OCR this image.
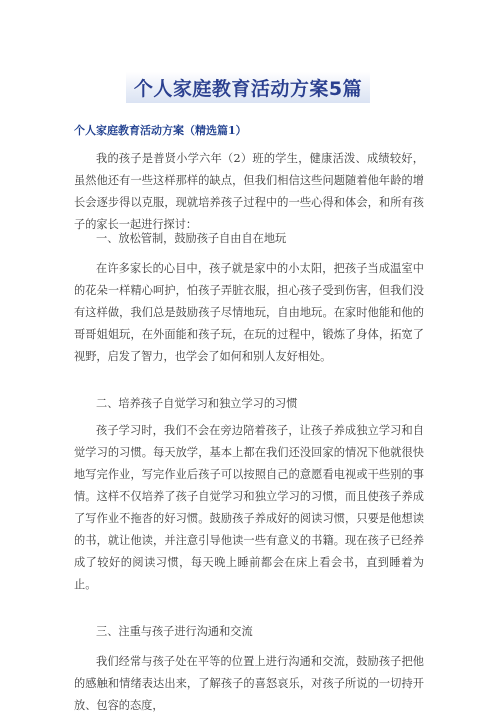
个人家庭教育活动方案5篇
个人家庭教育活动方案（精选篇1）

我的孩子是普贤小学六年（2）班的学生，健康活泼、成绩较好，虽然他还有一些这样那样的缺点，但我们相信这些问题随着他年龄的增长会逐步得以克服，现就培养孩子过程中的一些心得和体会，和所有孩子的家长一起进行探讨：

一、放松管制，鼓励孩子自由自在地玩

在许多家长的心目中，孩子就是家中的小太阳，把孩子当成温室中的花朵一样精心呵护，怕孩子弄脏衣服，担心孩子受到伤害，但我们没有这样做，我们总是鼓励孩子尽情地玩，自由地玩。在家时他能和他的哥哥姐姐玩，在外面能和孩子玩，在玩的过程中，锻炼了身体，拓宽了视野，启发了智力，也学会了如何和别人友好相处。

二、培养孩子自觉学习和独立学习的习惯

孩子学习时，我们不会在旁边陪着孩子，让孩子养成独立学习和自觉学习的习惯。每天放学，基本上都在我们还没回家的情况下他就很快地写完作业，写完作业后孩子可以按照自己的意愿看电视或干些别的事情。这样不仅培养了孩子自觉学习和独立学习的习惯，而且使孩子养成了写作业不拖沓的好习惯。鼓励孩子养成好的阅读习惯，只要是他想读的书，就让他读，并注意引导他读一些有意义的书籍。现在孩子已经养成了较好的阅读习惯，每天晚上睡前都会在床上看会书，直到睡着为止。

三、注重与孩子进行沟通和交流

我们经常与孩子处在平等的位置上进行沟通和交流，鼓励孩子把他的感触和情绪表达出来，了解孩子的喜怒哀乐，对孩子所说的一切持开放、包容的态度，
